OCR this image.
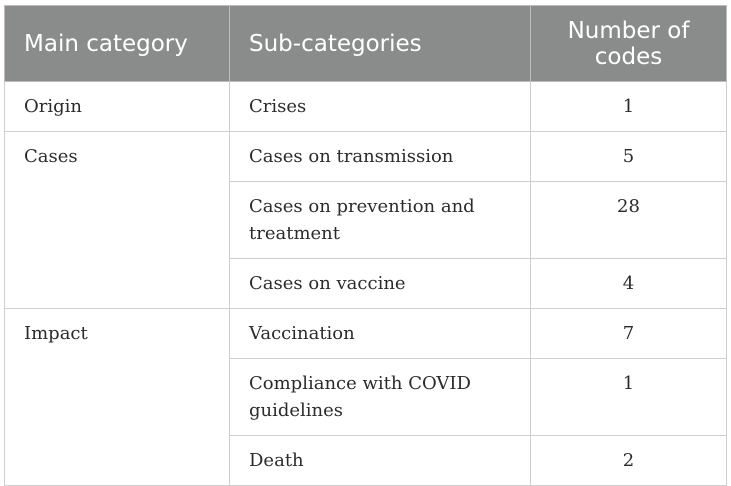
Main category	Sub-categories	Number of codes
Origin	Crises	1
Cases	Cases on transmission	5
	Cases on prevention and treatment	28
	Cases on vaccine	4
Impact	Vaccination	7
	Compliance with COVID guidelines	1
	Death	2
